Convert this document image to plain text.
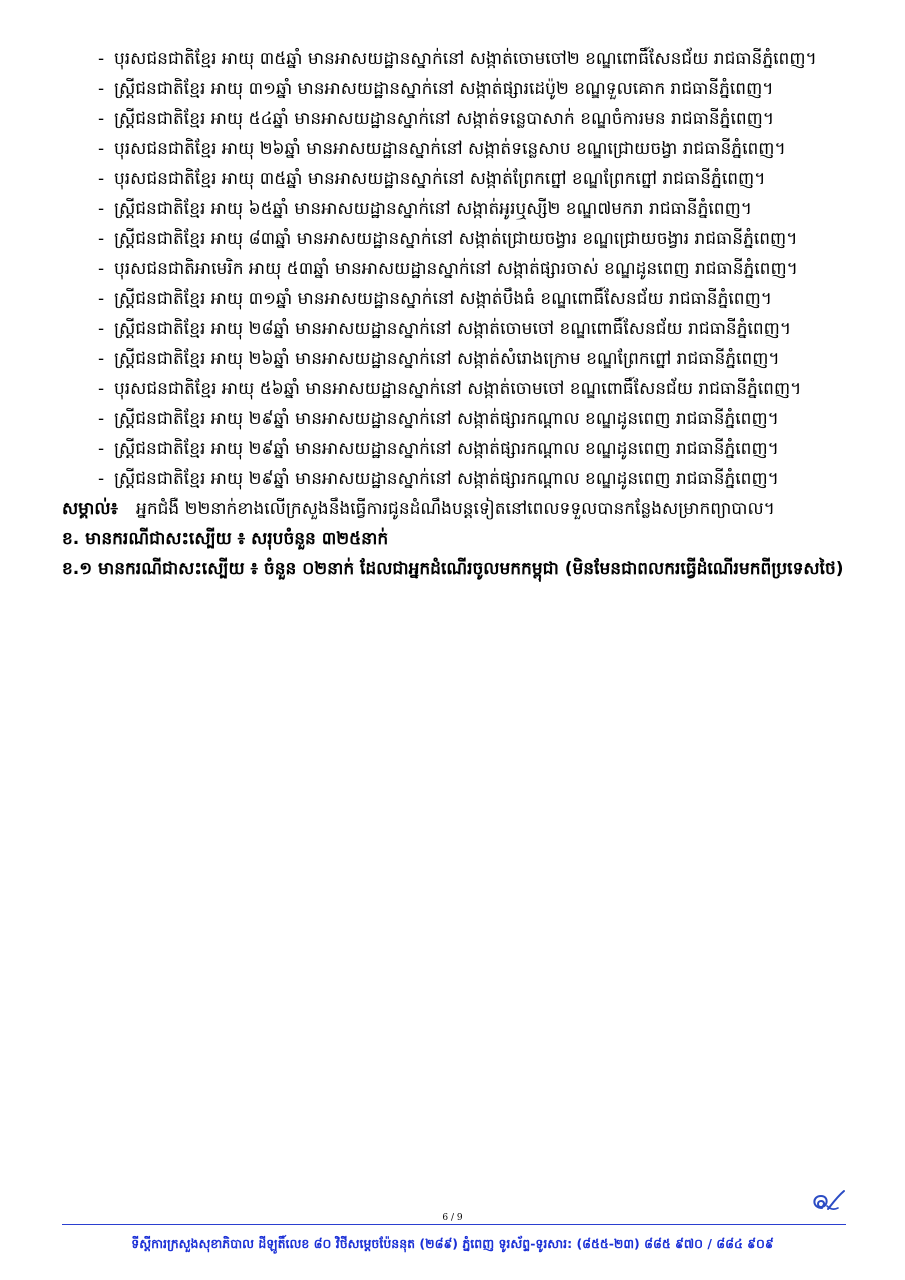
- បុរសជនជាតិខ្មែរ អាយុ ៣៥ឆ្នាំ មានអាសយដ្ឋានស្នាក់នៅ សង្កាត់ចោមចៅ២ ខណ្ឌពោធិ៍សែនជ័យ រាជធានីភ្នំពេញ។
- ស្ត្រីជនជាតិខ្មែរ អាយុ ៣១ឆ្នាំ មានអាសយដ្ឋានស្នាក់នៅ សង្កាត់ផ្សារដេប៉ូ២ ខណ្ឌទួលគោក រាជធានីភ្នំពេញ។
- ស្ត្រីជនជាតិខ្មែរ អាយុ ៥៤ឆ្នាំ មានអាសយដ្ឋានស្នាក់នៅ សង្កាត់ទន្លេបាសាក់ ខណ្ឌចំការមន រាជធានីភ្នំពេញ។
- បុរសជនជាតិខ្មែរ អាយុ ២៦ឆ្នាំ មានអាសយដ្ឋានស្នាក់នៅ សង្កាត់ទន្លេសាប ខណ្ឌជ្រោយចង្វា រាជធានីភ្នំពេញ។
- បុរសជនជាតិខ្មែរ អាយុ ៣៥ឆ្នាំ មានអាសយដ្ឋានស្នាក់នៅ សង្កាត់ព្រែកព្នៅ ខណ្ឌព្រែកព្នៅ រាជធានីភ្នំពេញ។
- ស្ត្រីជនជាតិខ្មែរ អាយុ ៦៥ឆ្នាំ មានអាសយដ្ឋានស្នាក់នៅ សង្កាត់អូរឬស្សី២ ខណ្ឌ៧មករា រាជធានីភ្នំពេញ។
- ស្ត្រីជនជាតិខ្មែរ អាយុ ៨៣ឆ្នាំ មានអាសយដ្ឋានស្នាក់នៅ សង្កាត់ជ្រោយចង្វារ ខណ្ឌជ្រោយចង្វារ រាជធានីភ្នំពេញ។
- បុរសជនជាតិអាមេរិក អាយុ ៥៣ឆ្នាំ មានអាសយដ្ឋានស្នាក់នៅ សង្កាត់ផ្សារចាស់ ខណ្ឌដូនពេញ រាជធានីភ្នំពេញ។
- ស្ត្រីជនជាតិខ្មែរ អាយុ ៣១ឆ្នាំ មានអាសយដ្ឋានស្នាក់នៅ សង្កាត់បឹងធំ ខណ្ឌពោធិ៍សែនជ័យ រាជធានីភ្នំពេញ។
- ស្ត្រីជនជាតិខ្មែរ អាយុ ២៨ឆ្នាំ មានអាសយដ្ឋានស្នាក់នៅ សង្កាត់ចោមចៅ ខណ្ឌពោធិ៍សែនជ័យ រាជធានីភ្នំពេញ។
- ស្ត្រីជនជាតិខ្មែរ អាយុ ២៦ឆ្នាំ មានអាសយដ្ឋានស្នាក់នៅ សង្កាត់សំរោងក្រោម ខណ្ឌព្រែកព្នៅ រាជធានីភ្នំពេញ។
- បុរសជនជាតិខ្មែរ អាយុ ៥៦ឆ្នាំ មានអាសយដ្ឋានស្នាក់នៅ សង្កាត់ចោមចៅ ខណ្ឌពោធិ៍សែនជ័យ រាជធានីភ្នំពេញ។
- ស្ត្រីជនជាតិខ្មែរ អាយុ ២៩ឆ្នាំ មានអាសយដ្ឋានស្នាក់នៅ សង្កាត់ផ្សារកណ្តាល ខណ្ឌដូនពេញ រាជធានីភ្នំពេញ។
- ស្ត្រីជនជាតិខ្មែរ អាយុ ២៩ឆ្នាំ មានអាសយដ្ឋានស្នាក់នៅ សង្កាត់ផ្សារកណ្តាល ខណ្ឌដូនពេញ រាជធានីភ្នំពេញ។
- ស្ត្រីជនជាតិខ្មែរ អាយុ ២៩ឆ្នាំ មានអាសយដ្ឋានស្នាក់នៅ សង្កាត់ផ្សារកណ្តាល ខណ្ឌដូនពេញ រាជធានីភ្នំពេញ។

សម្គាល់៖ អ្នកជំងឺ ២២នាក់ខាងលើក្រសួងនឹងធ្វើការជូនដំណឹងបន្តទៀតនៅពេលទទួលបានកន្លែងសម្រាកព្យាបាល។

ខ. មានករណីជាសះស្បើយ ៖ សរុបចំនួន ៣២៥នាក់

ខ.១ មានករណីជាសះស្បើយ ៖ ចំនួន ០២នាក់ ដែលជាអ្នកដំណើរចូលមកកម្ពុជា (មិនមែនជាពលករធ្វើដំណើរមកពីប្រទេសថៃ)

6 / 9
ទីស្តីការក្រសួងសុខាភិបាល ដីឡូតិ៍លេខ ៨០ វិថីសម្តេចប៉ែននុត (២៨៩) ភ្នំពេញ ទូរស័ព្ទ-ទូរសារ: (៨៥៥-២៣) ៨៨៥ ៩៧០ / ៨៨៤ ៩០៩
